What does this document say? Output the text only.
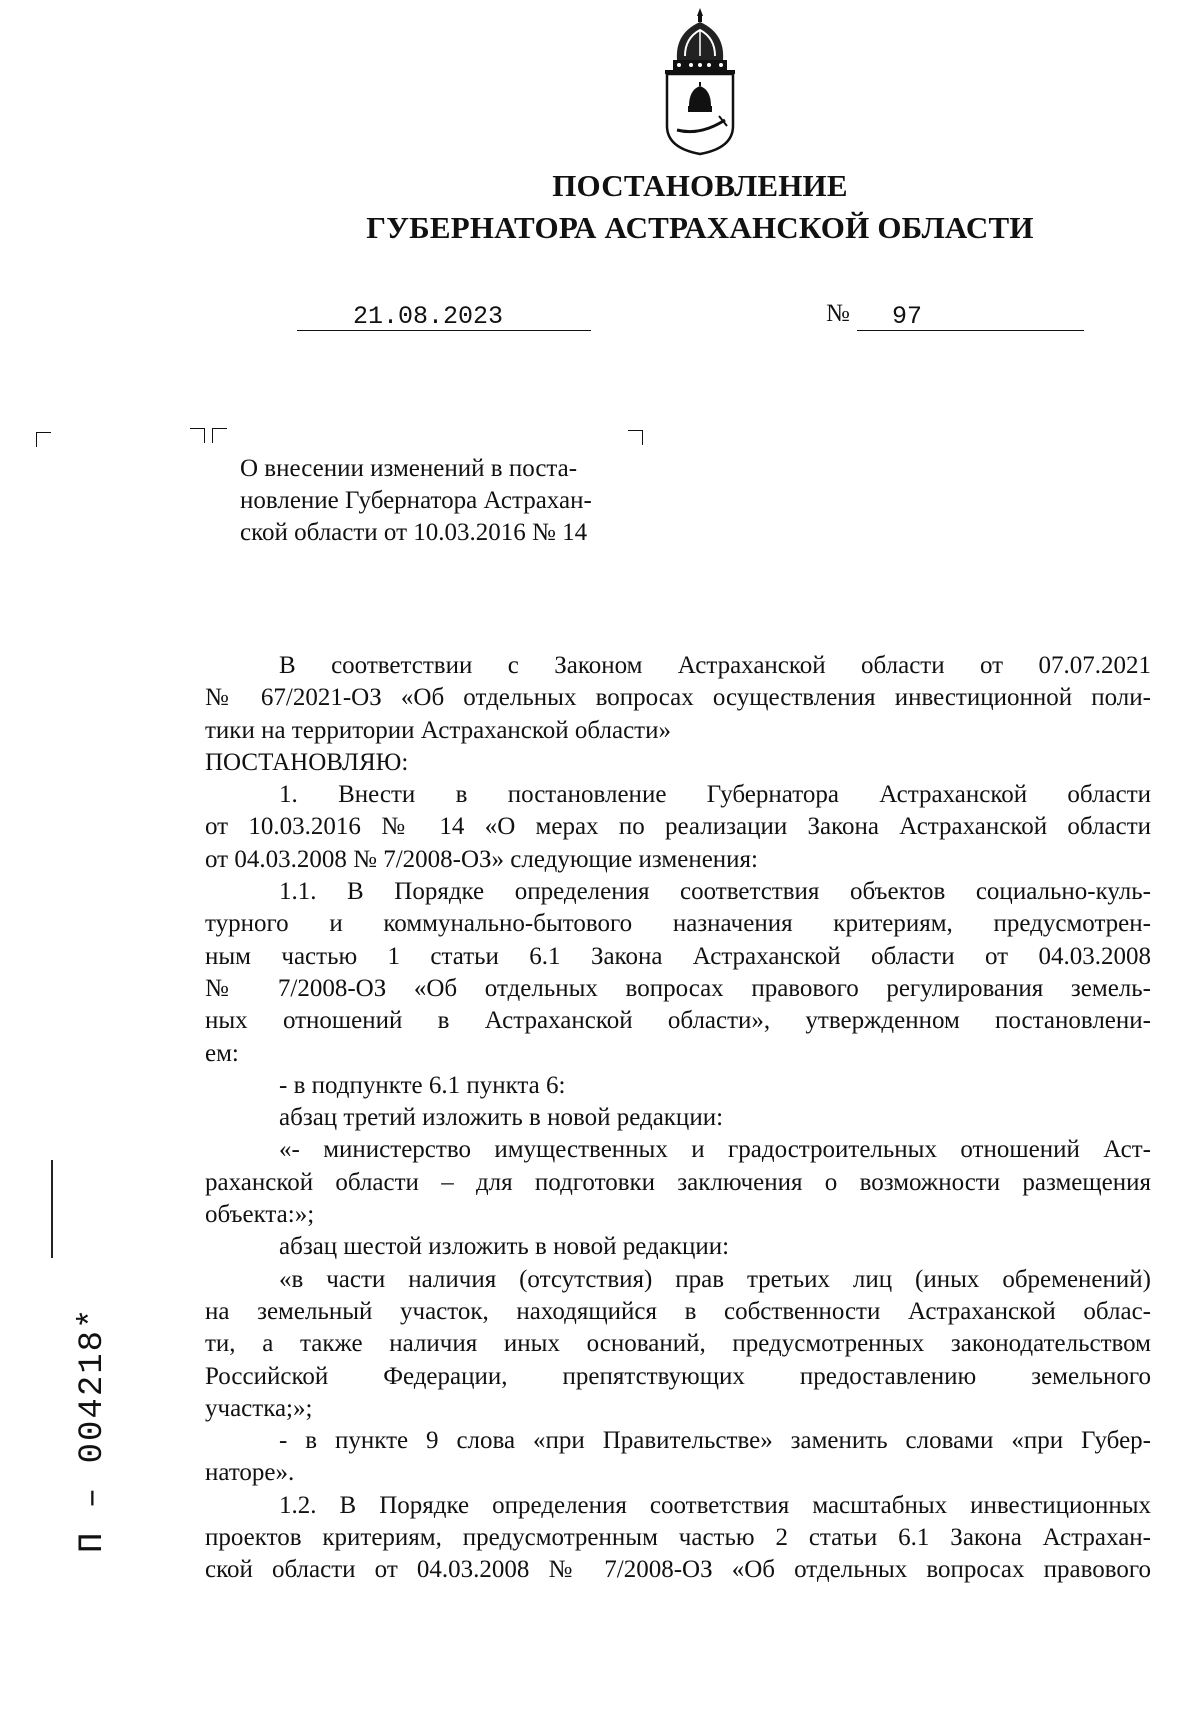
ПОСТАНОВЛЕНИЕ
ГУБЕРНАТОРА АСТРАХАНСКОЙ ОБЛАСТИ
21.08.2023	№ 97
О внесении изменений в поста-
новление Губернатора Астрахан-
ской области от 10.03.2016 № 14
В соответствии с Законом Астраханской области от 07.07.2021
№ 67/2021-ОЗ «Об отдельных вопросах осуществления инвестиционной поли-
тики на территории Астраханской области»
ПОСТАНОВЛЯЮ:
1. Внести в постановление Губернатора Астраханской области
от 10.03.2016 № 14 «О мерах по реализации Закона Астраханской области
от 04.03.2008 № 7/2008-ОЗ» следующие изменения:
1.1. В Порядке определения соответствия объектов социально-куль-
турного и коммунально-бытового назначения критериям, предусмотрен-
ным частью 1 статьи 6.1 Закона Астраханской области от 04.03.2008
№ 7/2008-ОЗ «Об отдельных вопросах правового регулирования земель-
ных отношений в Астраханской области», утвержденном постановлени-
ем:
- в подпункте 6.1 пункта 6:
абзац третий изложить в новой редакции:
«- министерство имущественных и градостроительных отношений Аст-
раханской области – для подготовки заключения о возможности размещения
объекта:»;
абзац шестой изложить в новой редакции:
«в части наличия (отсутствия) прав третьих лиц (иных обременений)
на земельный участок, находящийся в собственности Астраханской облас-
ти, а также наличия иных оснований, предусмотренных законодательством
Российской Федерации, препятствующих предоставлению земельного
участка;»;
- в пункте 9 слова «при Правительстве» заменить словами «при Губер-
наторе».
1.2. В Порядке определения соответствия масштабных инвестиционных
проектов критериям, предусмотренным частью 2 статьи 6.1 Закона Астрахан-
ской области от 04.03.2008 № 7/2008-ОЗ «Об отдельных вопросах правового
П – 004218*
